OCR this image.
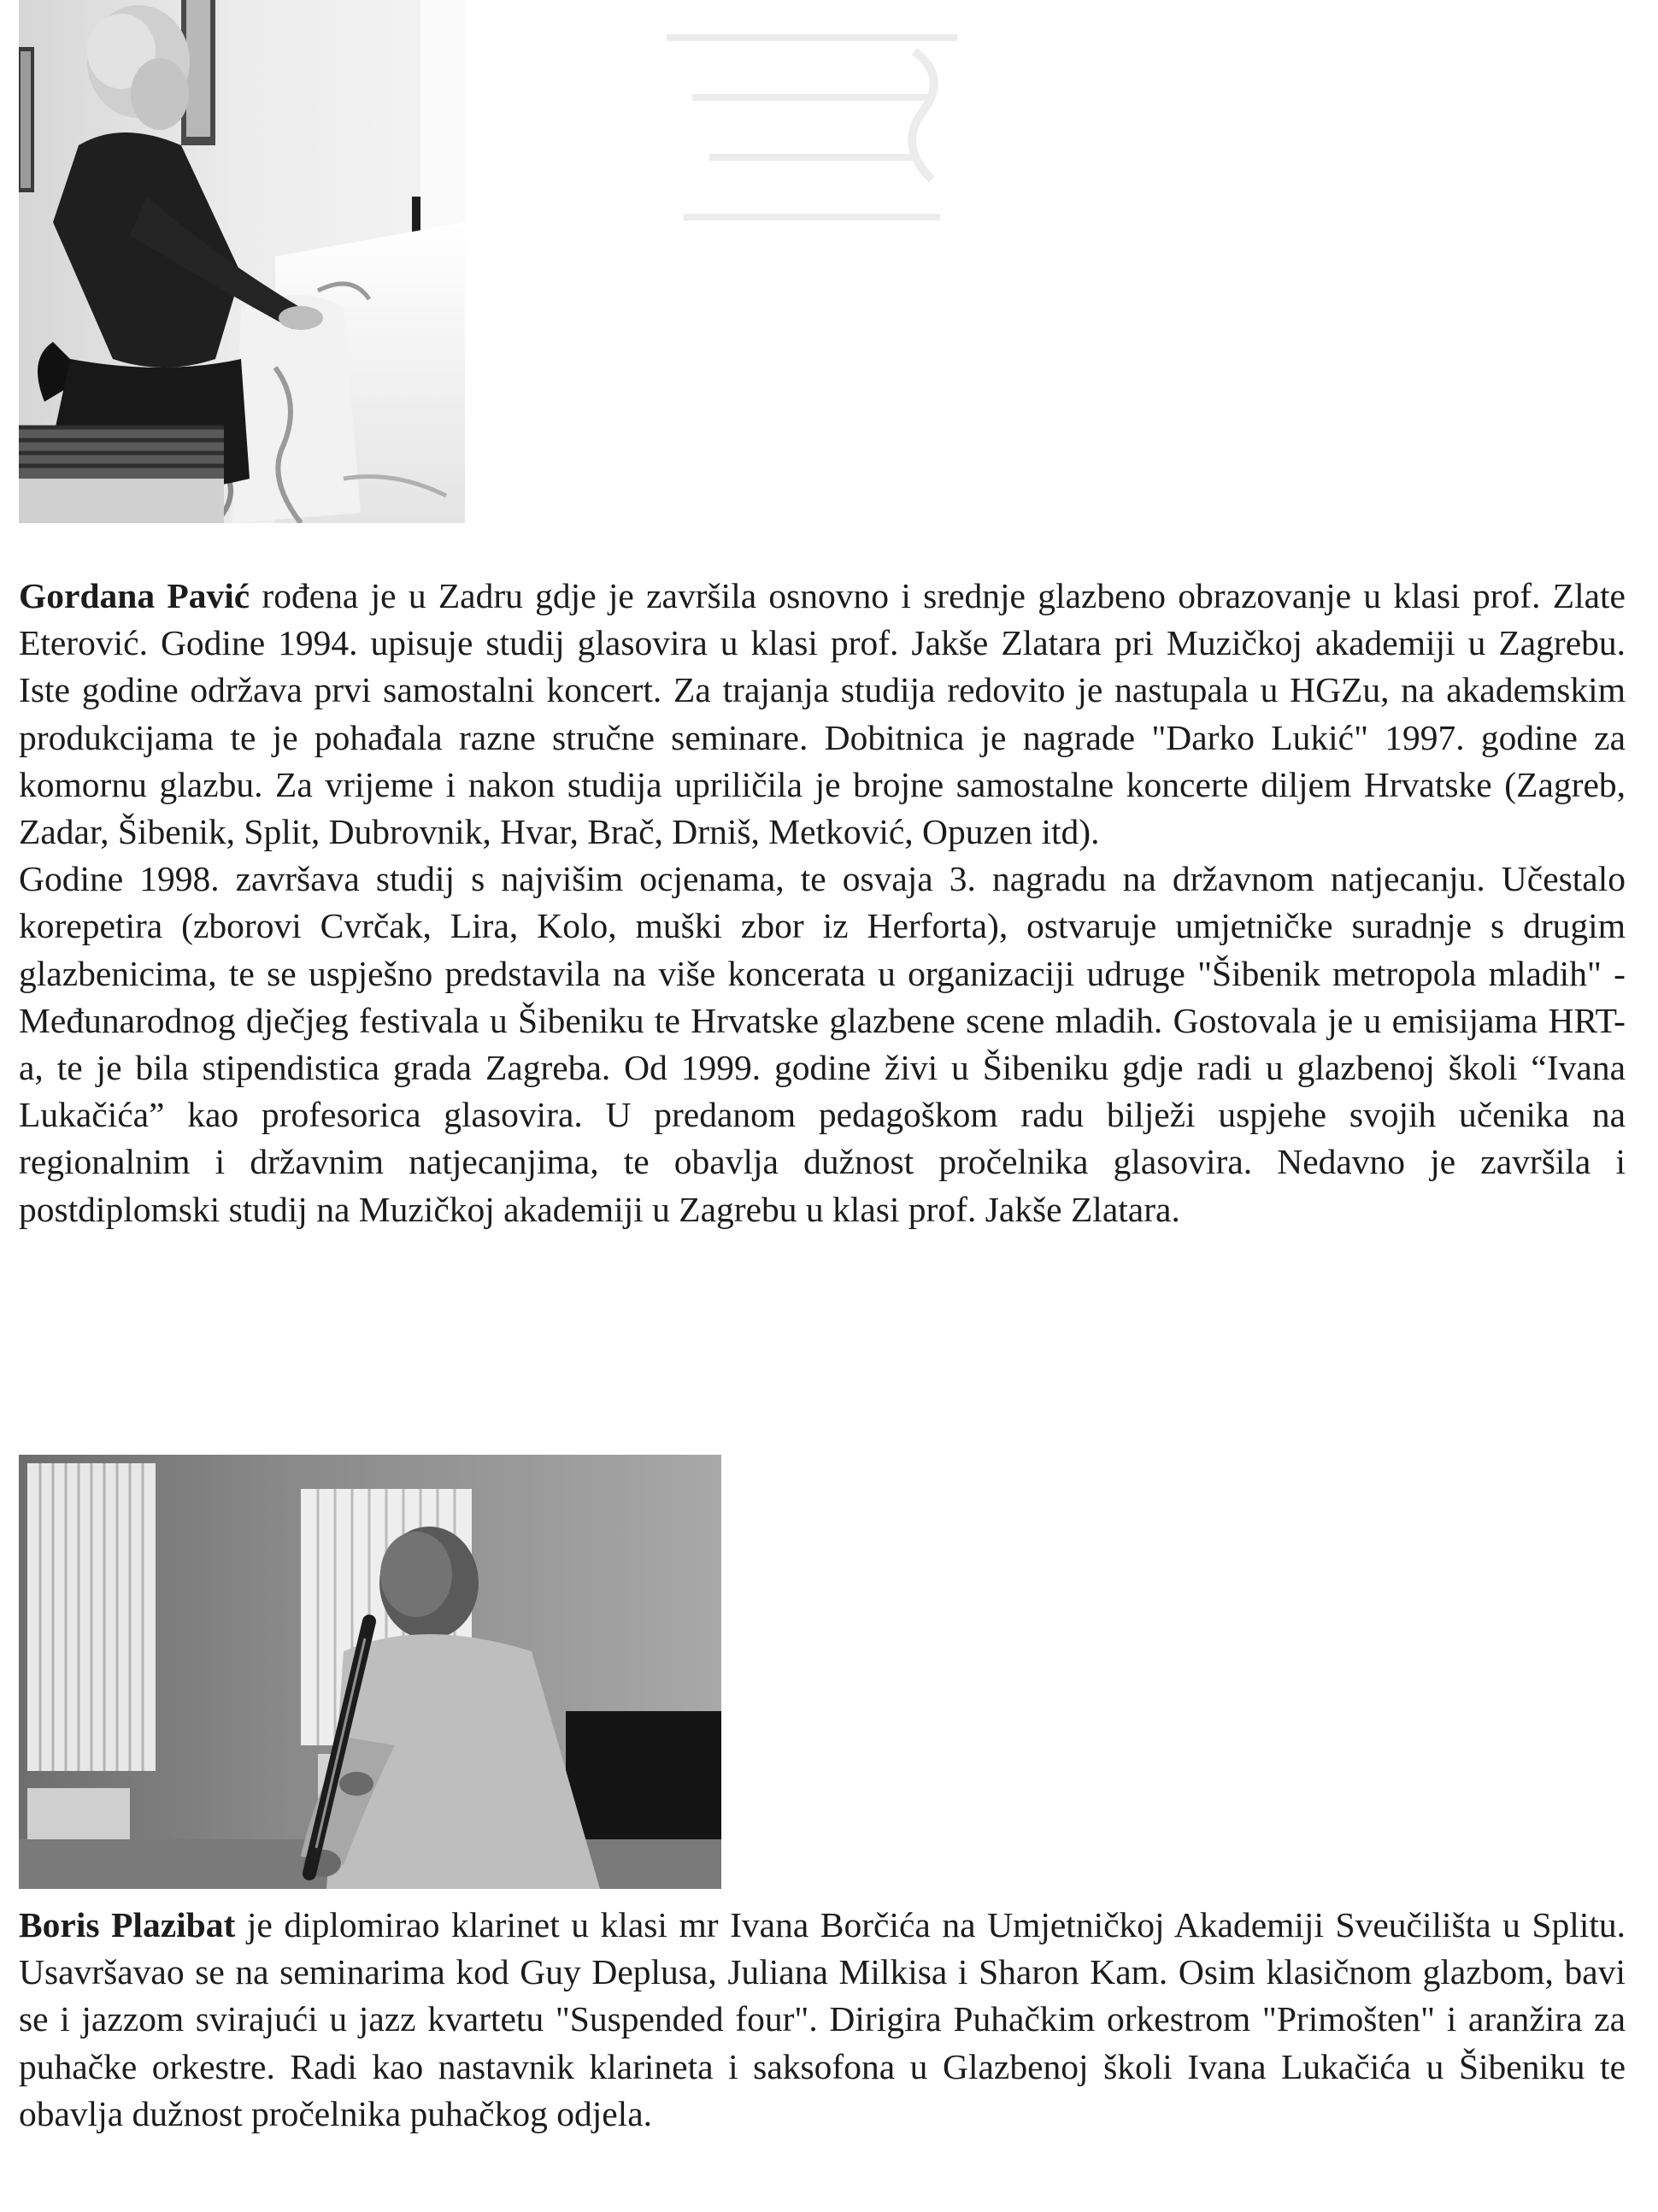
Gordana Pavić rođena je u Zadru gdje je završila osnovno i srednje glazbeno obrazovanje u klasi prof. Zlate Eterović. Godine 1994. upisuje studij glasovira u klasi prof. Jakše Zlatara pri Muzičkoj akademiji u Zagrebu. Iste godine održava prvi samostalni koncert. Za trajanja studija redovito je nastupala u HGZu, na akademskim produkcijama te je pohađala razne stručne seminare. Dobitnica je nagrade "Darko Lukić" 1997. godine za komornu glazbu. Za vrijeme i nakon studija upriličila je brojne samostalne koncerte diljem Hrvatske (Zagreb, Zadar, Šibenik, Split, Dubrovnik, Hvar, Brač, Drniš, Metković, Opuzen itd).

Godine 1998. završava studij s najvišim ocjenama, te osvaja 3. nagradu na državnom natjecanju. Učestalo korepetira (zborovi Cvrčak, Lira, Kolo, muški zbor iz Herforta), ostvaruje umjetničke suradnje s drugim glazbenicima, te se uspješno predstavila na više koncerata u organizaciji udruge "Šibenik metropola mladih" - Međunarodnog dječjeg festivala u Šibeniku te Hrvatske glazbene scene mladih. Gostovala je u emisijama HRT-a, te je bila stipendistica grada Zagreba. Od 1999. godine živi u Šibeniku gdje radi u glazbenoj školi “Ivana Lukačića” kao profesorica glasovira. U predanom pedagoškom radu bilježi uspjehe svojih učenika na regionalnim i državnim natjecanjima, te obavlja dužnost pročelnika glasovira. Nedavno je završila i postdiplomski studij na Muzičkoj akademiji u Zagrebu u klasi prof. Jakše Zlatara.

Boris Plazibat je diplomirao klarinet u klasi mr Ivana Borčića na Umjetničkoj Akademiji Sveučilišta u Splitu. Usavršavao se na seminarima kod Guy Deplusa, Juliana Milkisa i Sharon Kam. Osim klasičnom glazbom, bavi se i jazzom svirajući u jazz kvartetu "Suspended four". Dirigira Puhačkim orkestrom "Primošten" i aranžira za puhačke orkestre. Radi kao nastavnik klarineta i saksofona u Glazbenoj školi Ivana Lukačića u Šibeniku te obavlja dužnost pročelnika puhačkog odjela.
